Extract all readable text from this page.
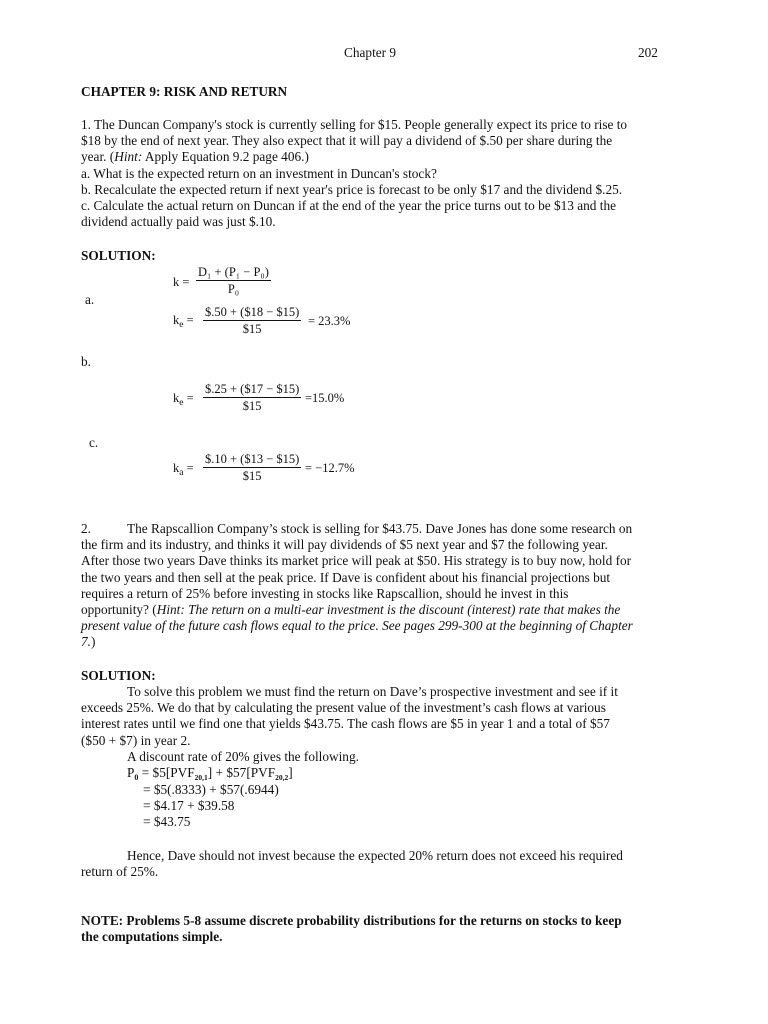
Chapter 9	202
CHAPTER 9: RISK AND RETURN
1. The Duncan Company's stock is currently selling for $15. People generally expect its price to rise to
$18 by the end of next year. They also expect that it will pay a dividend of $.50 per share during the
year. (Hint: Apply Equation 9.2 page 406.)
a. What is the expected return on an investment in Duncan's stock?
b. Recalculate the expected return if next year's price is forecast to be only $17 and the dividend $.25.
c. Calculate the actual return on Duncan if at the end of the year the price turns out to be $13 and the
dividend actually paid was just $.10.
SOLUTION:
$k = \frac{\text{D₁ + (P₁ − P₀)}}{\text{P₀}}$
a.
$k_e = \frac{\$.50 + (\$18 - \$15)}{\$15} = 23.3\%$
b.
$k_e = \frac{\$.25 + (\$17 - \$15)}{\$15} =15.0\%$
c.
$k_a = \frac{\$.10 + (\$13 - \$15)}{\$15} = -12.7\%$
2.	The Rapscallion Company’s stock is selling for $43.75. Dave Jones has done some research on
the firm and its industry, and thinks it will pay dividends of $5 next year and $7 the following year.
After those two years Dave thinks its market price will peak at $50. His strategy is to buy now, hold for
the two years and then sell at the peak price. If Dave is confident about his financial projections but
requires a return of 25% before investing in stocks like Rapscallion, should he invest in this
opportunity? (Hint: The return on a multi-ear investment is the discount (interest) rate that makes the
present value of the future cash flows equal to the price. See pages 299-300 at the beginning of Chapter
7.)
SOLUTION:
To solve this problem we must find the return on Dave’s prospective investment and see if it
exceeds 25%. We do that by calculating the present value of the investment’s cash flows at various
interest rates until we find one that yields $43.75. The cash flows are $5 in year 1 and a total of $57
($50 + $7) in year 2.
A discount rate of 20% gives the following.
$P_0$ = $\$5[PVF_{20,1}]$ + $\$57[PVF_{20,2}]$
= $5(.8333) + $57(.6944)
= $4.17 + $39.58
= $43.75
Hence, Dave should not invest because the expected 20% return does not exceed his required
return of 25%.
NOTE: Problems 5-8 assume discrete probability distributions for the returns on stocks to keep
the computations simple.
